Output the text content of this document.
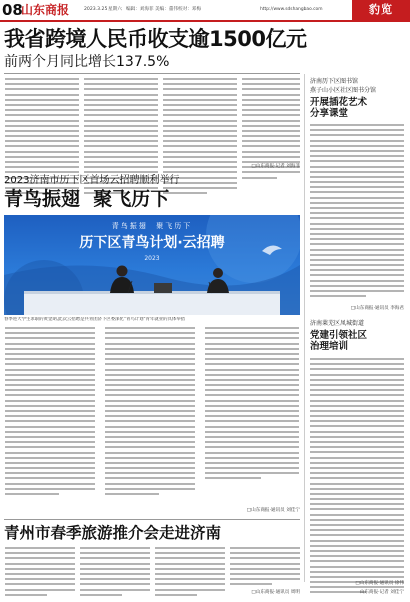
08
山东商报	2023.3.25 星期六 编辑：刘海菲 美编：董伟 校对：邓梅	http://www.sdshangbao.com	豹览
我省跨境人民币收支逾1500亿元
前两个月同比增长137.5%
□山东商报·记者 刘海菲
济南历下区图书馆
燕子山小区社区图书分馆
开展插花艺术
分享课堂
□山东商报·通讯员 李海君
济南莱芜区凤城街道
党建引领社区
治理培训
□山东商报·通讯员 徐伟
山东商报·记者 刘佳宁
2023济南市历下区首场云招聘顺利举行
青鸟振翅  聚飞历下
青鸟振翅  聚飞历下
历下区青鸟计划·云招聘
2023
春季进大学生求职的黄金期,此次云招聘是共青团济下区委深化"青鸟计划"青年就业的具体举措
□山东商报·通讯员 刘佳宁
青州市春季旅游推介会走进济南
□山东商报·通讯员 周明
